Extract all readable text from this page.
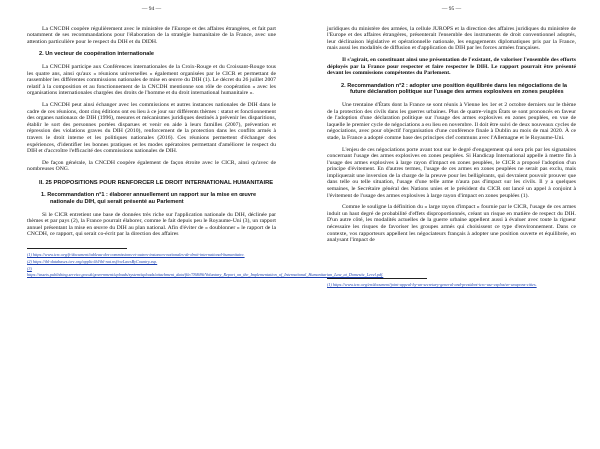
— 94 —

La CNCDH coopère régulièrement avec le ministère de l'Europe et des affaires étrangères, et fait part notamment de ses recommandations pour l'élaboration de la stratégie humanitaire de la France, avec une attention particulière pour le respect du DIH et du DIDH.

2. Un vecteur de coopération internationale

La CNCDH participe aux Conférences internationales de la Croix-Rouge et du Croissant-Rouge tous les quatre ans, ainsi qu'aux « réunions universelles » également organisées par le CICR et permettant de rassembler les différentes commissions nationales de mise en œuvre du DIH (1). Le décret du 26 juillet 2007 relatif à la composition et au fonctionnement de la CNCDH mentionne son rôle de coopération « avec les organisations internationales chargées des droits de l'homme et du droit international humanitaire ».

La CNCDH peut ainsi échanger avec les commissions et autres instances nationales de DIH dans le cadre de ces réunions, dont cinq éditions ont eu lieu à ce jour sur différents thèmes : statut et fonctionnement des organes nationaux de DIH (1996), mesures et mécanismes juridiques destinés à prévenir les disparitions, établir le sort des personnes portées disparues et venir en aide à leurs familles (2007), prévention et répression des violations graves du DIH (2010), renforcement de la protection dans les conflits armés à travers le droit interne et les politiques nationales (2016). Ces réunions permettent d'échanger des expériences, d'identifier les bonnes pratiques et les modes opératoires permettant d'améliorer le respect du DIH et d'accroître l'efficacité des commissions nationales de DIH.

De façon générale, la CNCDH coopère également de façon étroite avec le CICR, ainsi qu'avec de nombreuses ONG.

II. 25 PROPOSITIONS POUR RENFORCER LE DROIT INTERNATIONAL HUMANITAIRE
1. Recommandation n°1 : élaborer annuellement un rapport sur la mise en œuvre nationale du DIH, qui serait présenté au Parlement

Si le CICR entretient une base de données très riche sur l'application nationale du DIH, déclinée par thèmes et par pays (2), la France pourrait élaborer, comme le fait depuis peu le Royaume-Uni (3), un rapport annuel présentant la mise en œuvre du DIH au plan national. Afin d'éviter de « doublonner » le rapport de la CNCDH, ce rapport, qui serait co-écrit par la direction des affaires

(1) https://www.icrc.org/fr/document/tableau-des-commissions-et-autres-instances-nationales-de-droit-international-humanitaire.
(2) https://ihl-databases.icrc.org/applic/ihl/ihl-nat.nsf/vwLawsByCountry.xsp.
(3) https://assets.publishing.service.gov.uk/government/uploads/system/uploads/attachment_data/file/784696/Voluntary_Report_on_the_Implementation_of_International_Humanitarian_Law_at_Domestic_Level.pdf.
— 95 —

juridiques du ministère des armées, la cellule JUROPS et la direction des affaires juridiques du ministère de l'Europe et des affaires étrangères, présenterait l'ensemble des instruments de droit conventionnel adoptés, leur déclinaison législative et opérationnelle nationale, les engagements diplomatiques pris par la France, mais aussi les modalités de diffusion et d'application du DIH par les forces armées françaises.

Il s'agirait, en constituant ainsi une présentation de l'existant, de valoriser l'ensemble des efforts déployés par la France pour respecter et faire respecter le DIH. Le rapport pourrait être présenté devant les commissions compétentes du Parlement.

2. Recommandation n°2 : adopter une position équilibrée dans les négociations de la future déclaration politique sur l'usage des armes explosives en zones peuplées

Une trentaine d'États dont la France se sont réunis à Vienne les 1er et 2 octobre derniers sur le thème de la protection des civils dans les guerres urbaines. Plus de quatre-vingts États se sont prononcés en faveur de l'adoption d'une déclaration politique sur l'usage des armes explosives en zones peuplées, en vue de laquelle le premier cycle de négociations a eu lieu en novembre. Il doit être suivi de deux nouveaux cycles de négociations, avec pour objectif l'organisation d'une conférence finale à Dublin au mois de mai 2020. À ce stade, la France a adopté comme base des principes clef communs avec l'Allemagne et le Royaume-Uni.

L'enjeu de ces négociations porte avant tout sur le degré d'engagement qui sera pris par les signataires concernant l'usage des armes explosives en zones peuplées. Si Handicap International appelle à mettre fin à l'usage des armes explosives à large rayon d'impact en zones peuplées, le CICR a proposé l'adoption d'un principe d'évitement. En d'autres termes, l'usage de ces armes en zones peuplées ne serait pas exclu, mais impliquerait une inversion de la charge de la preuve pour les belligérants, qui devraient pouvoir prouver que dans telle ou telle situation, l'usage d'une telle arme n'aura pas d'impact sur les civils. Il y a quelques semaines, le Secrétaire général des Nations unies et le président du CICR ont lancé un appel à conjoint à l'évitement de l'usage des armes explosives à large rayon d'impact en zones peuplées (1).

Comme le souligne la définition du « large rayon d'impact » fournie par le CICR, l'usage de ces armes induit un haut degré de probabilité d'effets disproportionnés, créant un risque en matière de respect du DIH. D'un autre côté, les modalités actuelles de la guerre urbaine appellent aussi à évaluer avec toute la rigueur nécessaire les risques de favoriser les groupes armés qui choisissent ce type d'environnement. Dans ce contexte, vos rapporteurs appellent les négociateurs français à adopter une position ouverte et équilibrée, en analysant l'impact de

(1) https://www.icrc.org/en/document/joint-appeal-by-un-secretary-general-and-president-icrc-use-explosive-weapons-cities.
